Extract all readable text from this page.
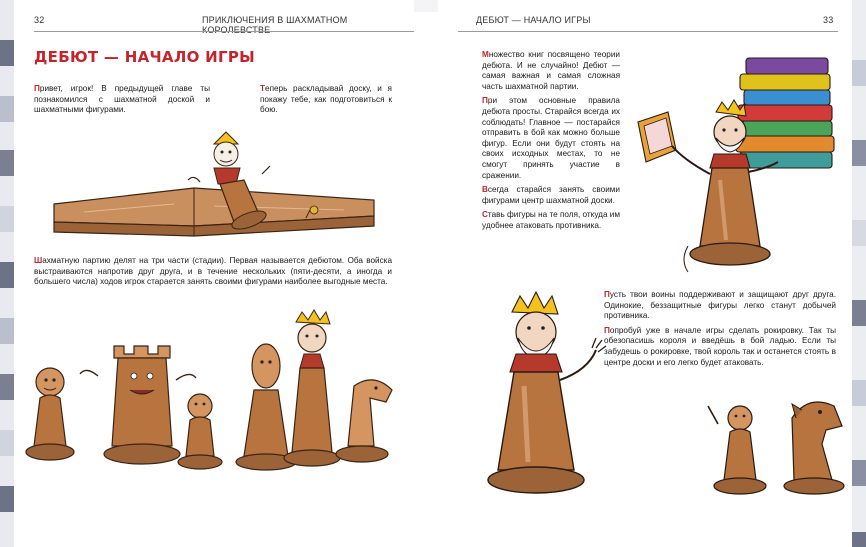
32	ПРИКЛЮЧЕНИЯ В ШАХМАТНОМ КОРОЛЕВСТВЕ
ДЕБЮТ — НАЧАЛО ИГРЫ
Привет, игрок! В предыдущей главе ты познакомился с шахматной доской и шахматными фигурами.
Теперь раскладывай доску, и я покажу тебе, как подготовиться к бою.
Шахматную партию делят на три части (стадии). Первая называется дебютом. Оба войска выстраиваются напротив друг друга, и в течение нескольких (пяти-десяти, а иногда и большего числа) ходов игрок старается занять своими фигурами наиболее выгодные места.
ДЕБЮТ — НАЧАЛО ИГРЫ	33

Множество книг посвящено теории дебюта. И не случайно! Дебют — самая важная и самая сложная часть шахматной партии.

При этом основные правила дебюта просты. Старайся всегда их соблюдать! Главное — постарайся отправить в бой как можно больше фигур. Если они будут стоять на своих исходных местах, то не смогут принять участие в сражении.

Всегда старайся занять своими фигурами центр шахматной доски.

Ставь фигуры на те поля, откуда им удобнее атаковать противника.

Пусть твои воины поддерживают и защищают друг друга. Одинокие, беззащитные фигуры легко станут добычей противника.

Попробуй уже в начале игры сделать рокировку. Так ты обезопасишь короля и введёшь в бой ладью. Если ты забудешь о рокировке, твой король так и останется стоять в центре доски и его легко будет атаковать.
